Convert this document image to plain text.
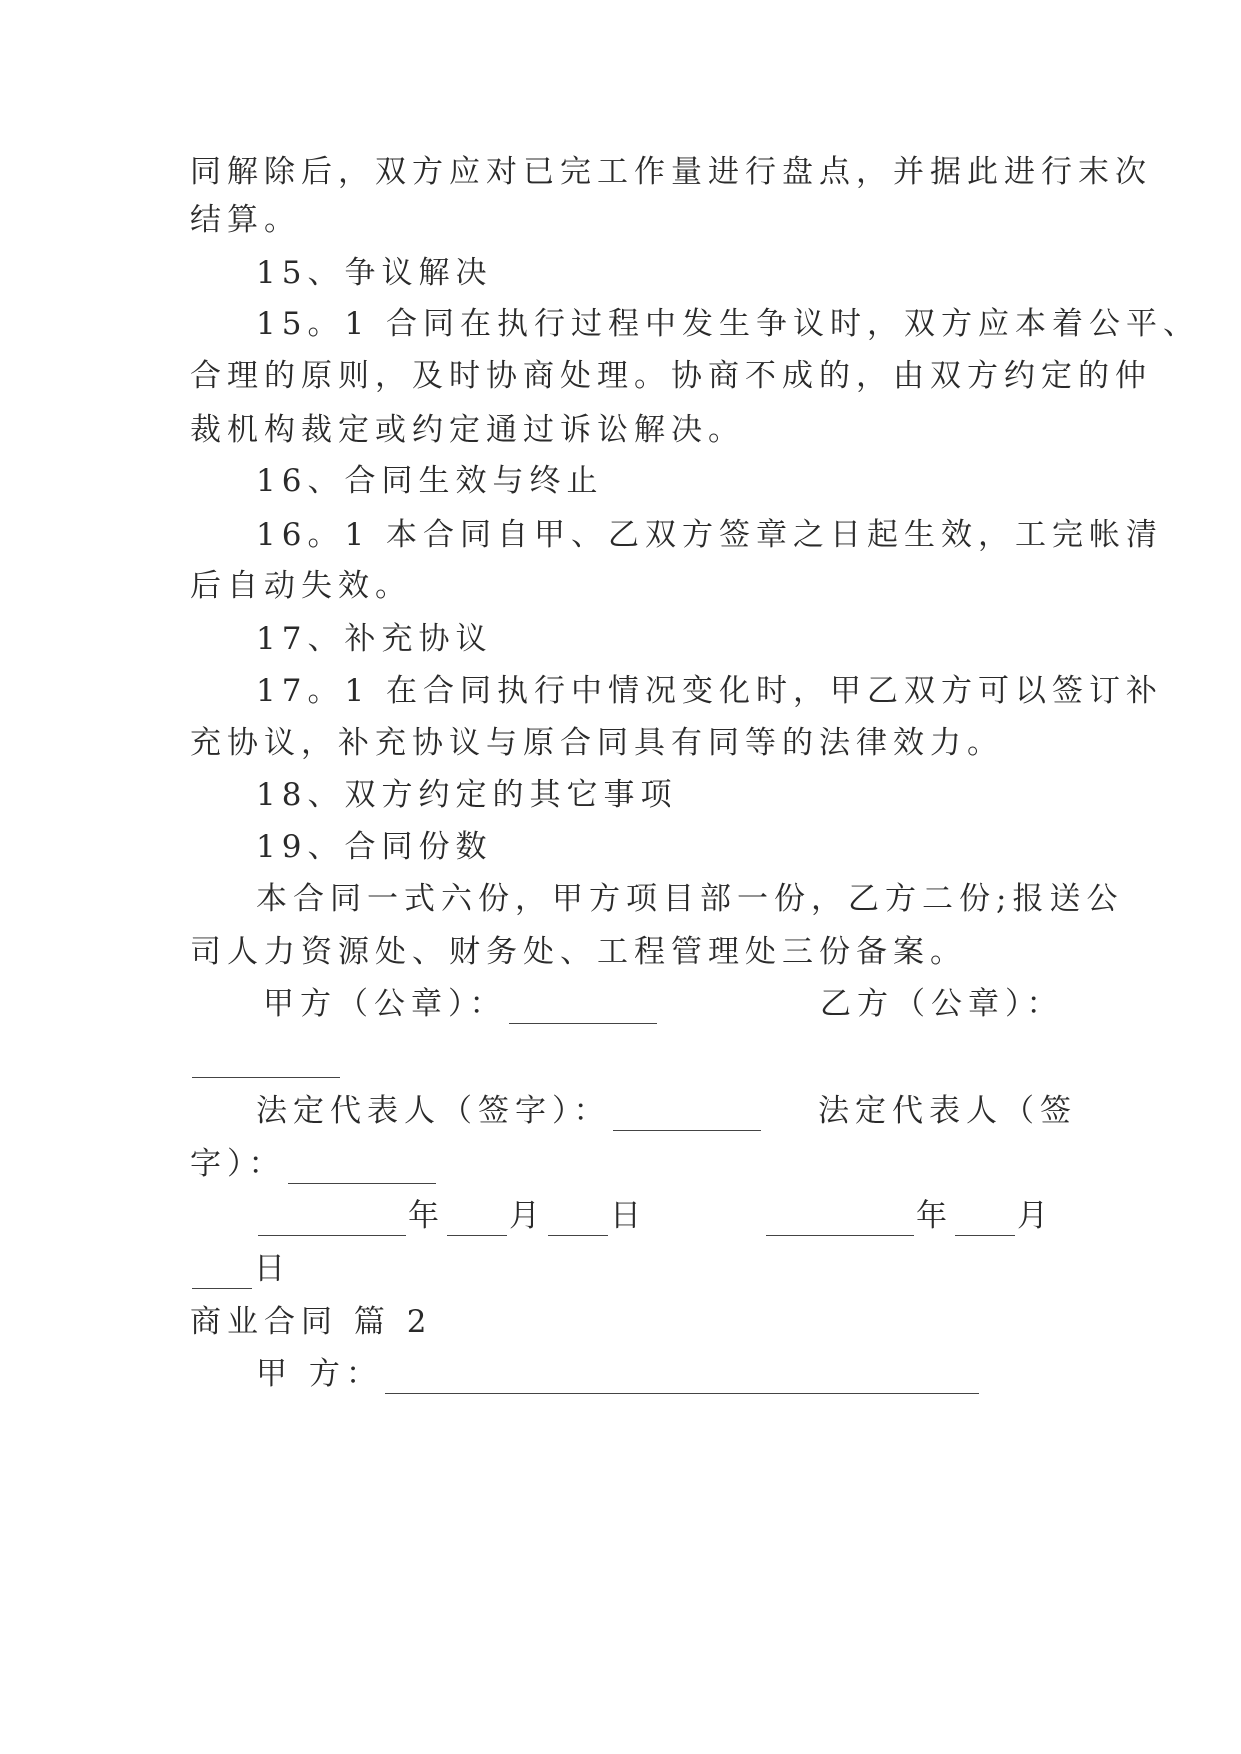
同解除后，双方应对已完工作量进行盘点，并据此进行末次
结算。
15、争议解决
15。1 合同在执行过程中发生争议时，双方应本着公平、
合理的原则，及时协商处理。协商不成的，由双方约定的仲
裁机构裁定或约定通过诉讼解决。
16、合同生效与终止
16。1 本合同自甲、乙双方签章之日起生效，工完帐清
后自动失效。
17、补充协议
17。1 在合同执行中情况变化时，甲乙双方可以签订补
充协议，补充协议与原合同具有同等的法律效力。
18、双方约定的其它事项
19、合同份数
本合同一式六份，甲方项目部一份，乙方二份;报送公
司人力资源处、财务处、工程管理处三份备案。
甲方（公章）：	乙方（公章）：
法定代表人（签字）：	法定代表人（签
字）：
年 月 日	年 月
日
商业合同 篇 2
甲 方：
